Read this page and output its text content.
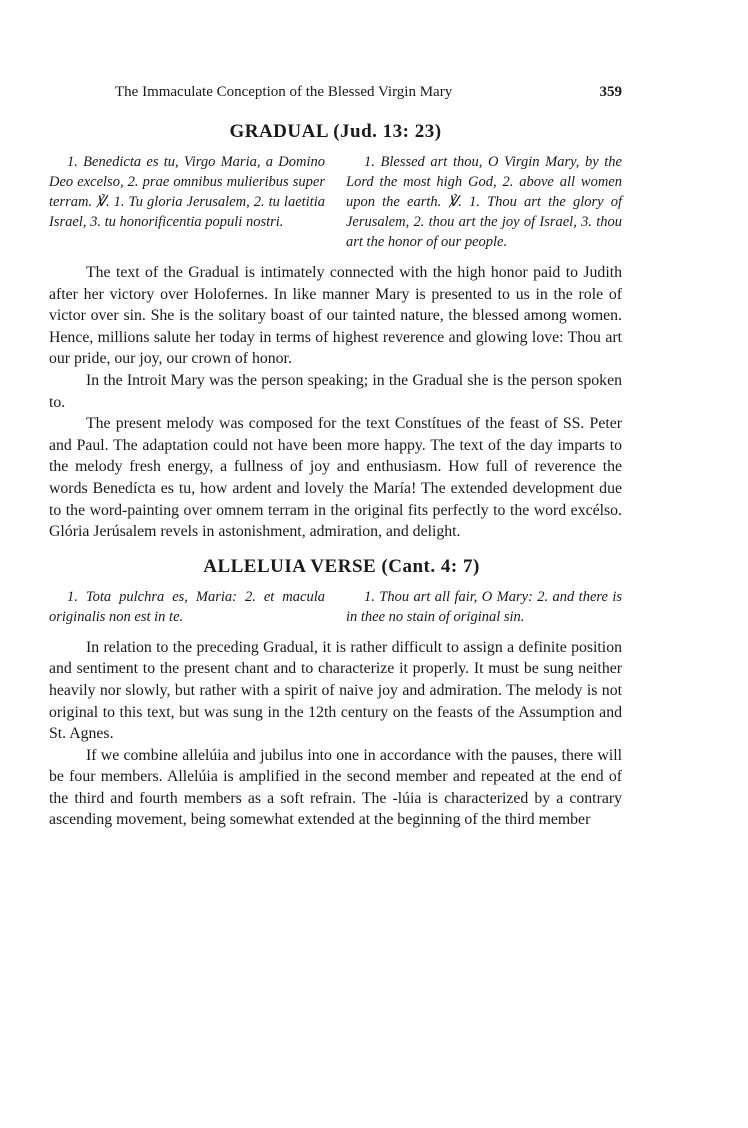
The Immaculate Conception of the Blessed Virgin Mary	359
GRADUAL (Jud. 13: 23)

1. Benedicta es tu, Virgo Maria, a Domino Deo excelso, 2. prae omnibus mulieribus super terram. ℣. 1. Tu gloria Jerusalem, 2. tu laetitia Israel, 3. tu honorificentia populi nostri.

1. Blessed art thou, O Virgin Mary, by the Lord the most high God, 2. above all women upon the earth. ℣. 1. Thou art the glory of Jerusalem, 2. thou art the joy of Israel, 3. thou art the honor of our people.

The text of the Gradual is intimately connected with the high honor paid to Judith after her victory over Holofernes. In like manner Mary is presented to us in the role of victor over sin. She is the solitary boast of our tainted nature, the blessed among women. Hence, millions salute her today in terms of highest reverence and glowing love: Thou art our pride, our joy, our crown of honor.

In the Introit Mary was the person speaking; in the Gradual she is the person spoken to.

The present melody was composed for the text Constítues of the feast of SS. Peter and Paul. The adaptation could not have been more happy. The text of the day imparts to the melody fresh energy, a fullness of joy and enthusiasm. How full of reverence the words Benedícta es tu, how ardent and lovely the María! The extended development due to the word-painting over omnem terram in the original fits perfectly to the word excélso. Glória Jerúsalem revels in astonishment, admiration, and delight.

ALLELUIA VERSE (Cant. 4: 7)

1. Tota pulchra es, Maria: 2. et macula originalis non est in te.

1. Thou art all fair, O Mary: 2. and there is in thee no stain of original sin.

In relation to the preceding Gradual, it is rather difficult to assign a definite position and sentiment to the present chant and to characterize it properly. It must be sung neither heavily nor slowly, but rather with a spirit of naive joy and admiration. The melody is not original to this text, but was sung in the 12th century on the feasts of the Assumption and St. Agnes.

If we combine allelúia and jubilus into one in accordance with the pauses, there will be four members. Allelúia is amplified in the second member and repeated at the end of the third and fourth members as a soft refrain. The -lúia is characterized by a contrary ascending movement, being somewhat extended at the beginning of the third member
